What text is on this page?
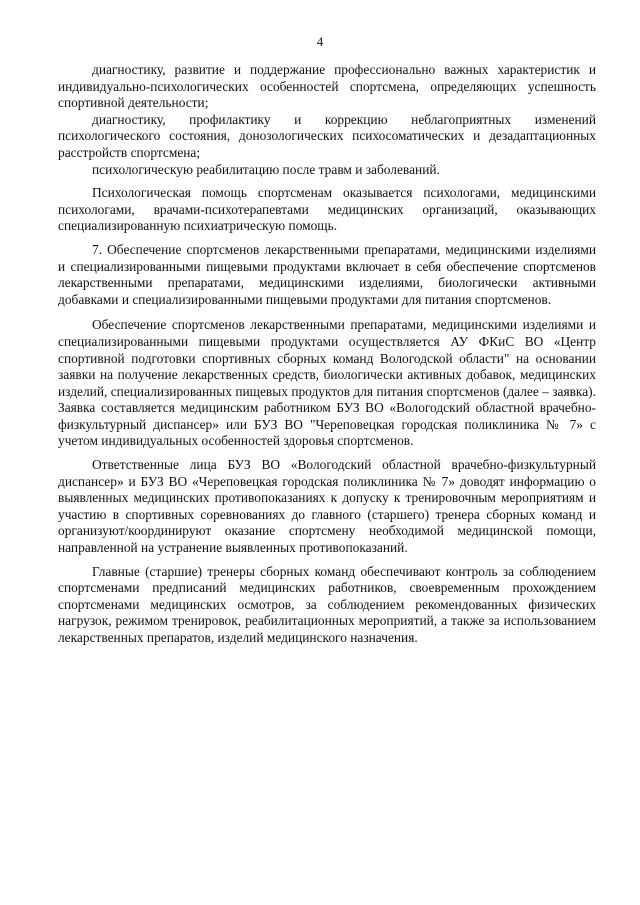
4

диагностику, развитие и поддержание профессионально важных характеристик и индивидуально-психологических особенностей спортсмена, определяющих успешность спортивной деятельности;

диагностику, профилактику и коррекцию неблагоприятных изменений психологического состояния, донозологических психосоматических и дезадаптационных расстройств спортсмена;

психологическую реабилитацию после травм и заболеваний.

Психологическая помощь спортсменам оказывается психологами, медицинскими психологами, врачами-психотерапевтами медицинских организаций, оказывающих специализированную психиатрическую помощь.

7. Обеспечение спортсменов лекарственными препаратами, медицинскими изделиями и специализированными пищевыми продуктами включает в себя обеспечение спортсменов лекарственными препаратами, медицинскими изделиями, биологически активными добавками и специализированными пищевыми продуктами для питания спортсменов.

Обеспечение спортсменов лекарственными препаратами, медицинскими изделиями и специализированными пищевыми продуктами осуществляется АУ ФКиС ВО «Центр спортивной подготовки спортивных сборных команд Вологодской области" на основании заявки на получение лекарственных средств, биологически активных добавок, медицинских изделий, специализированных пищевых продуктов для питания спортсменов (далее – заявка). Заявка составляется медицинским работником БУЗ ВО «Вологодский областной врачебно-физкультурный диспансер» или БУЗ ВО "Череповецкая городская поликлиника № 7» с учетом индивидуальных особенностей здоровья спортсменов.

Ответственные лица БУЗ ВО «Вологодский областной врачебно-физкультурный диспансер» и БУЗ ВО «Череповецкая городская поликлиника № 7» доводят информацию о выявленных медицинских противопоказаниях к допуску к тренировочным мероприятиям и участию в спортивных соревнованиях до главного (старшего) тренера сборных команд и организуют/координируют оказание спортсмену необходимой медицинской помощи, направленной на устранение выявленных противопоказаний.

Главные (старшие) тренеры сборных команд обеспечивают контроль за соблюдением спортсменами предписаний медицинских работников, своевременным прохождением спортсменами медицинских осмотров, за соблюдением рекомендованных физических нагрузок, режимом тренировок, реабилитационных мероприятий, а также за использованием лекарственных препаратов, изделий медицинского назначения.
